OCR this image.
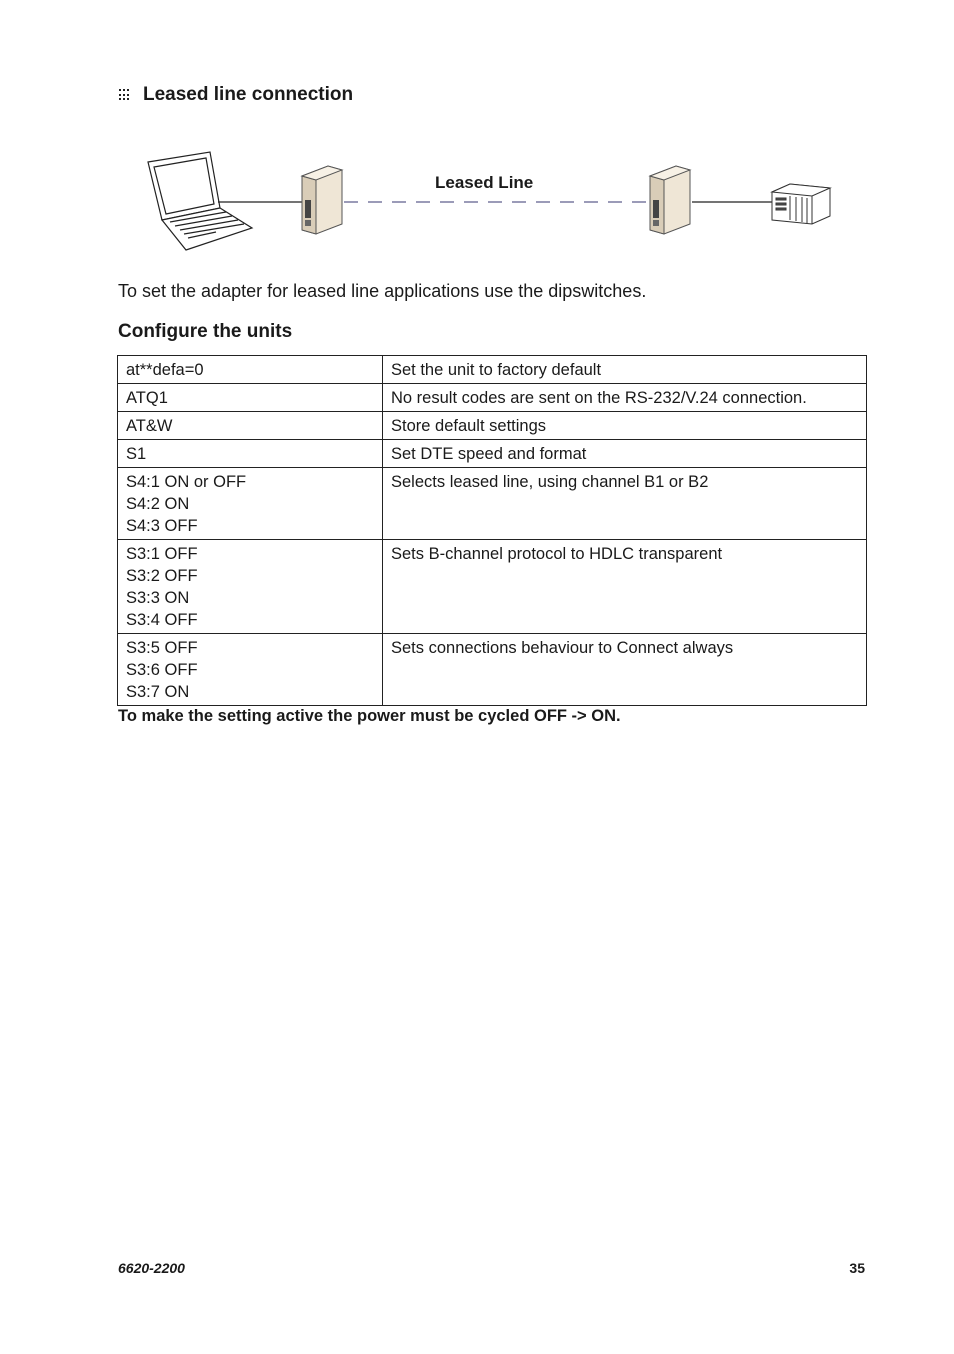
Leased line connection
Leased Line
To set the adapter for leased line applications use the dipswitches.
Configure the units
at**defa=0	Set the unit to factory default

ATQ1	No result codes are sent on the RS-232/V.24 connection.

AT&W	Store default settings

S1	Set DTE speed and format

S4:1 ON or OFF
S4:2 ON
S4:3 OFF	Selects leased line, using channel B1 or B2

S3:1 OFF
S3:2 OFF
S3:3 ON
S3:4 OFF	Sets B-channel protocol to HDLC transparent

S3:5 OFF
S3:6 OFF
S3:7 ON	Sets connections behaviour to Connect always
To make the setting active the power must be cycled OFF -> ON.
6620-2200	35
